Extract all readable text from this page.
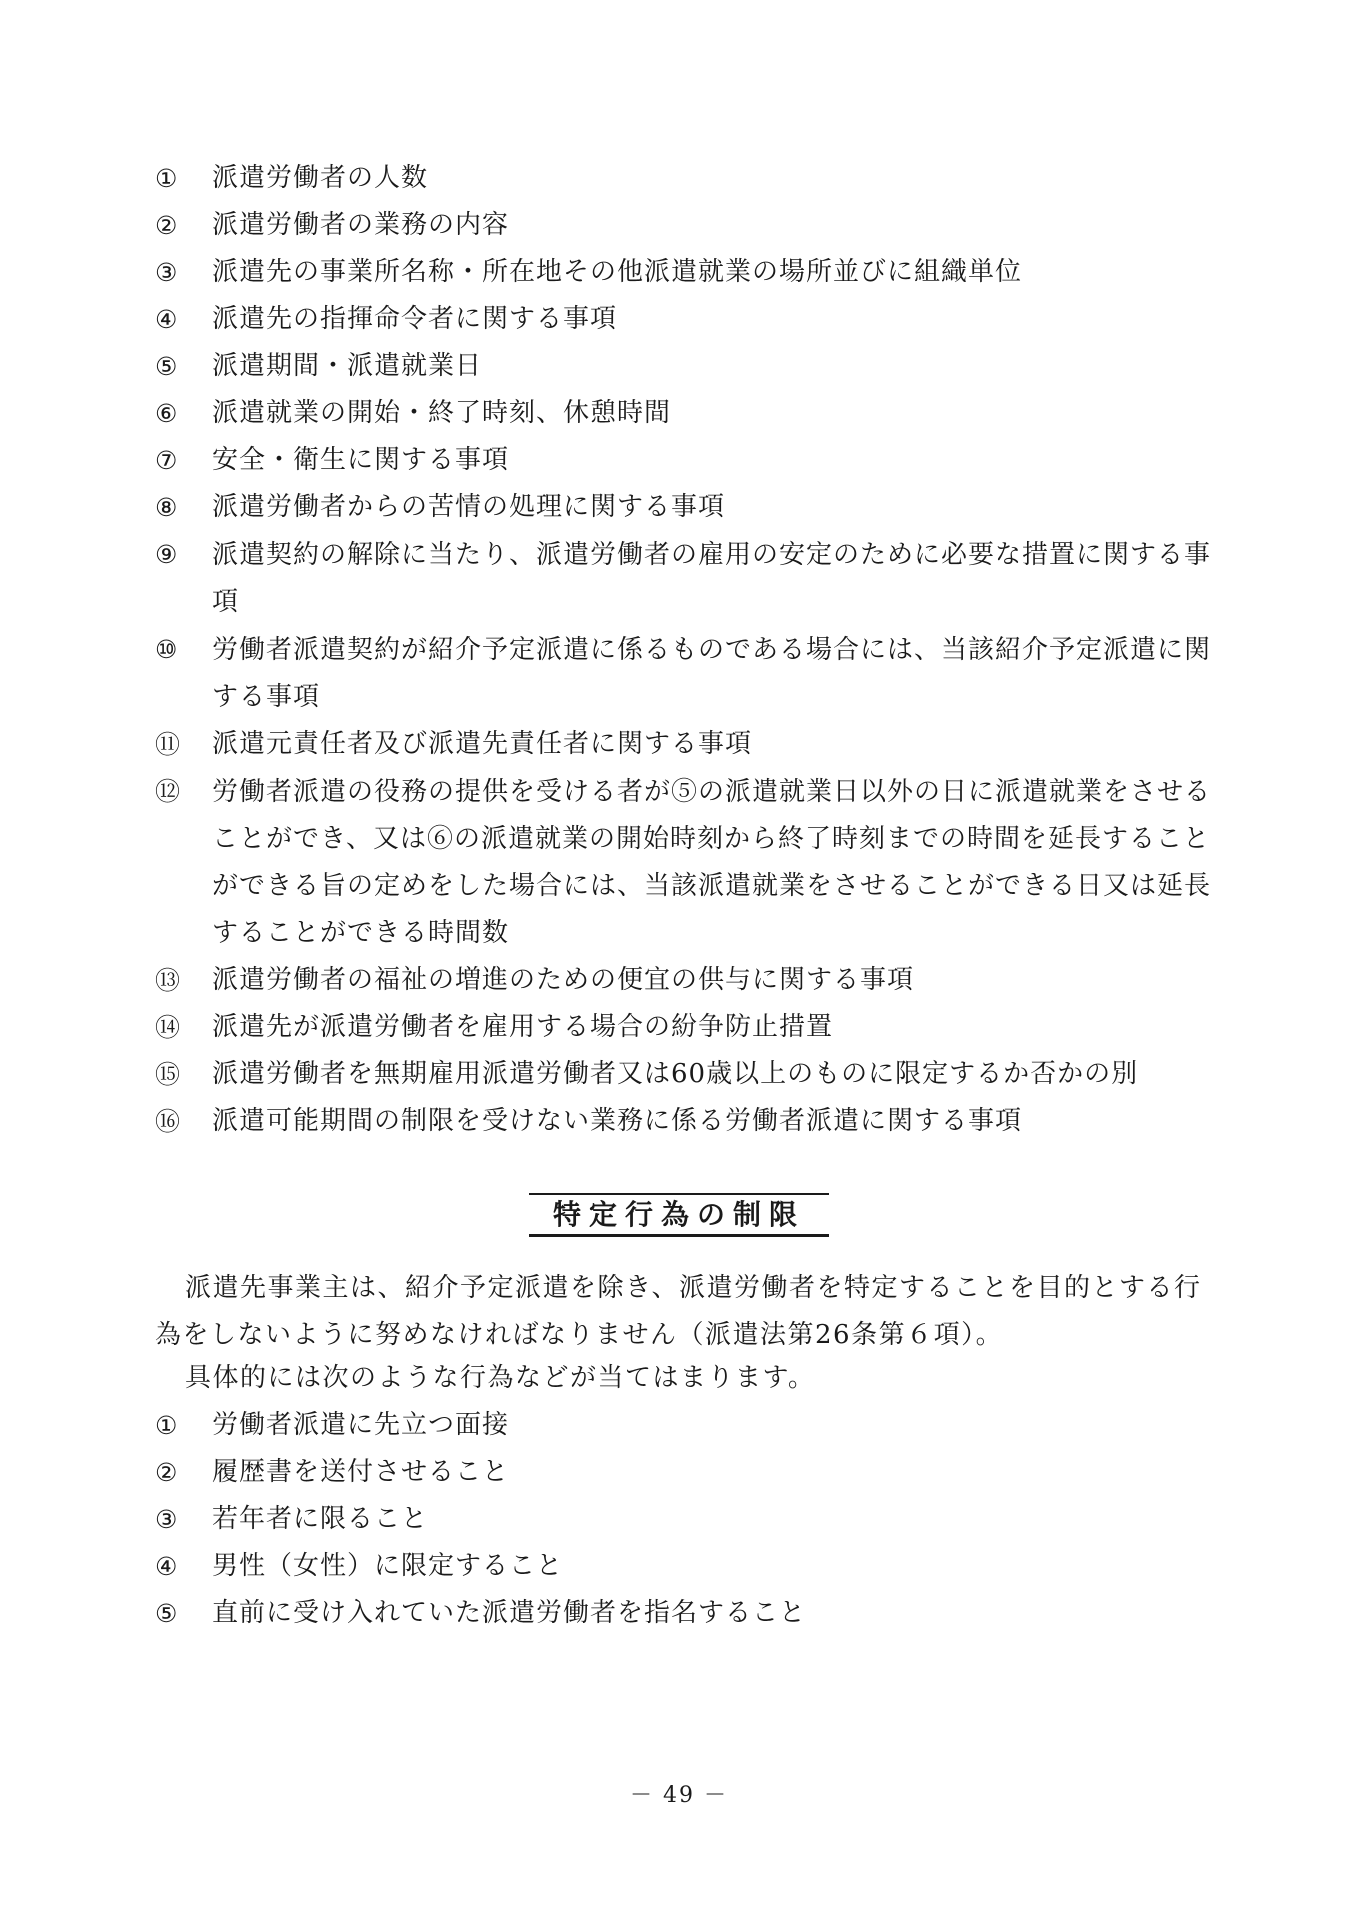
①	派遣労働者の人数
②	派遣労働者の業務の内容
③	派遣先の事業所名称・所在地その他派遣就業の場所並びに組織単位
④	派遣先の指揮命令者に関する事項
⑤	派遣期間・派遣就業日
⑥	派遣就業の開始・終了時刻、休憩時間
⑦	安全・衛生に関する事項
⑧	派遣労働者からの苦情の処理に関する事項
⑨ 派遣契約の解除に当たり、派遣労働者の雇用の安定のために必要な措置に関する事項
⑩ 労働者派遣契約が紹介予定派遣に係るものである場合には、当該紹介予定派遣に関する事項
⑪	派遣元責任者及び派遣先責任者に関する事項
⑫ 労働者派遣の役務の提供を受ける者が⑤の派遣就業日以外の日に派遣就業をさせることができ、又は⑥の派遣就業の開始時刻から終了時刻までの時間を延長することができる旨の定めをした場合には、当該派遣就業をさせることができる日又は延長することができる時間数
⑬	派遣労働者の福祉の増進のための便宜の供与に関する事項
⑭	派遣先が派遣労働者を雇用する場合の紛争防止措置
⑮	派遣労働者を無期雇用派遣労働者又は60歳以上のものに限定するか否かの別
⑯	派遣可能期間の制限を受けない業務に係る労働者派遣に関する事項
特定行為の制限

派遣先事業主は、紹介予定派遣を除き、派遣労働者を特定することを目的とする行為をしないように努めなければなりません（派遣法第26条第６項）。

具体的には次のような行為などが当てはまります。

①	労働者派遣に先立つ面接
②	履歴書を送付させること
③	若年者に限ること
④	男性（女性）に限定すること
⑤	直前に受け入れていた派遣労働者を指名すること
－ 49 －
